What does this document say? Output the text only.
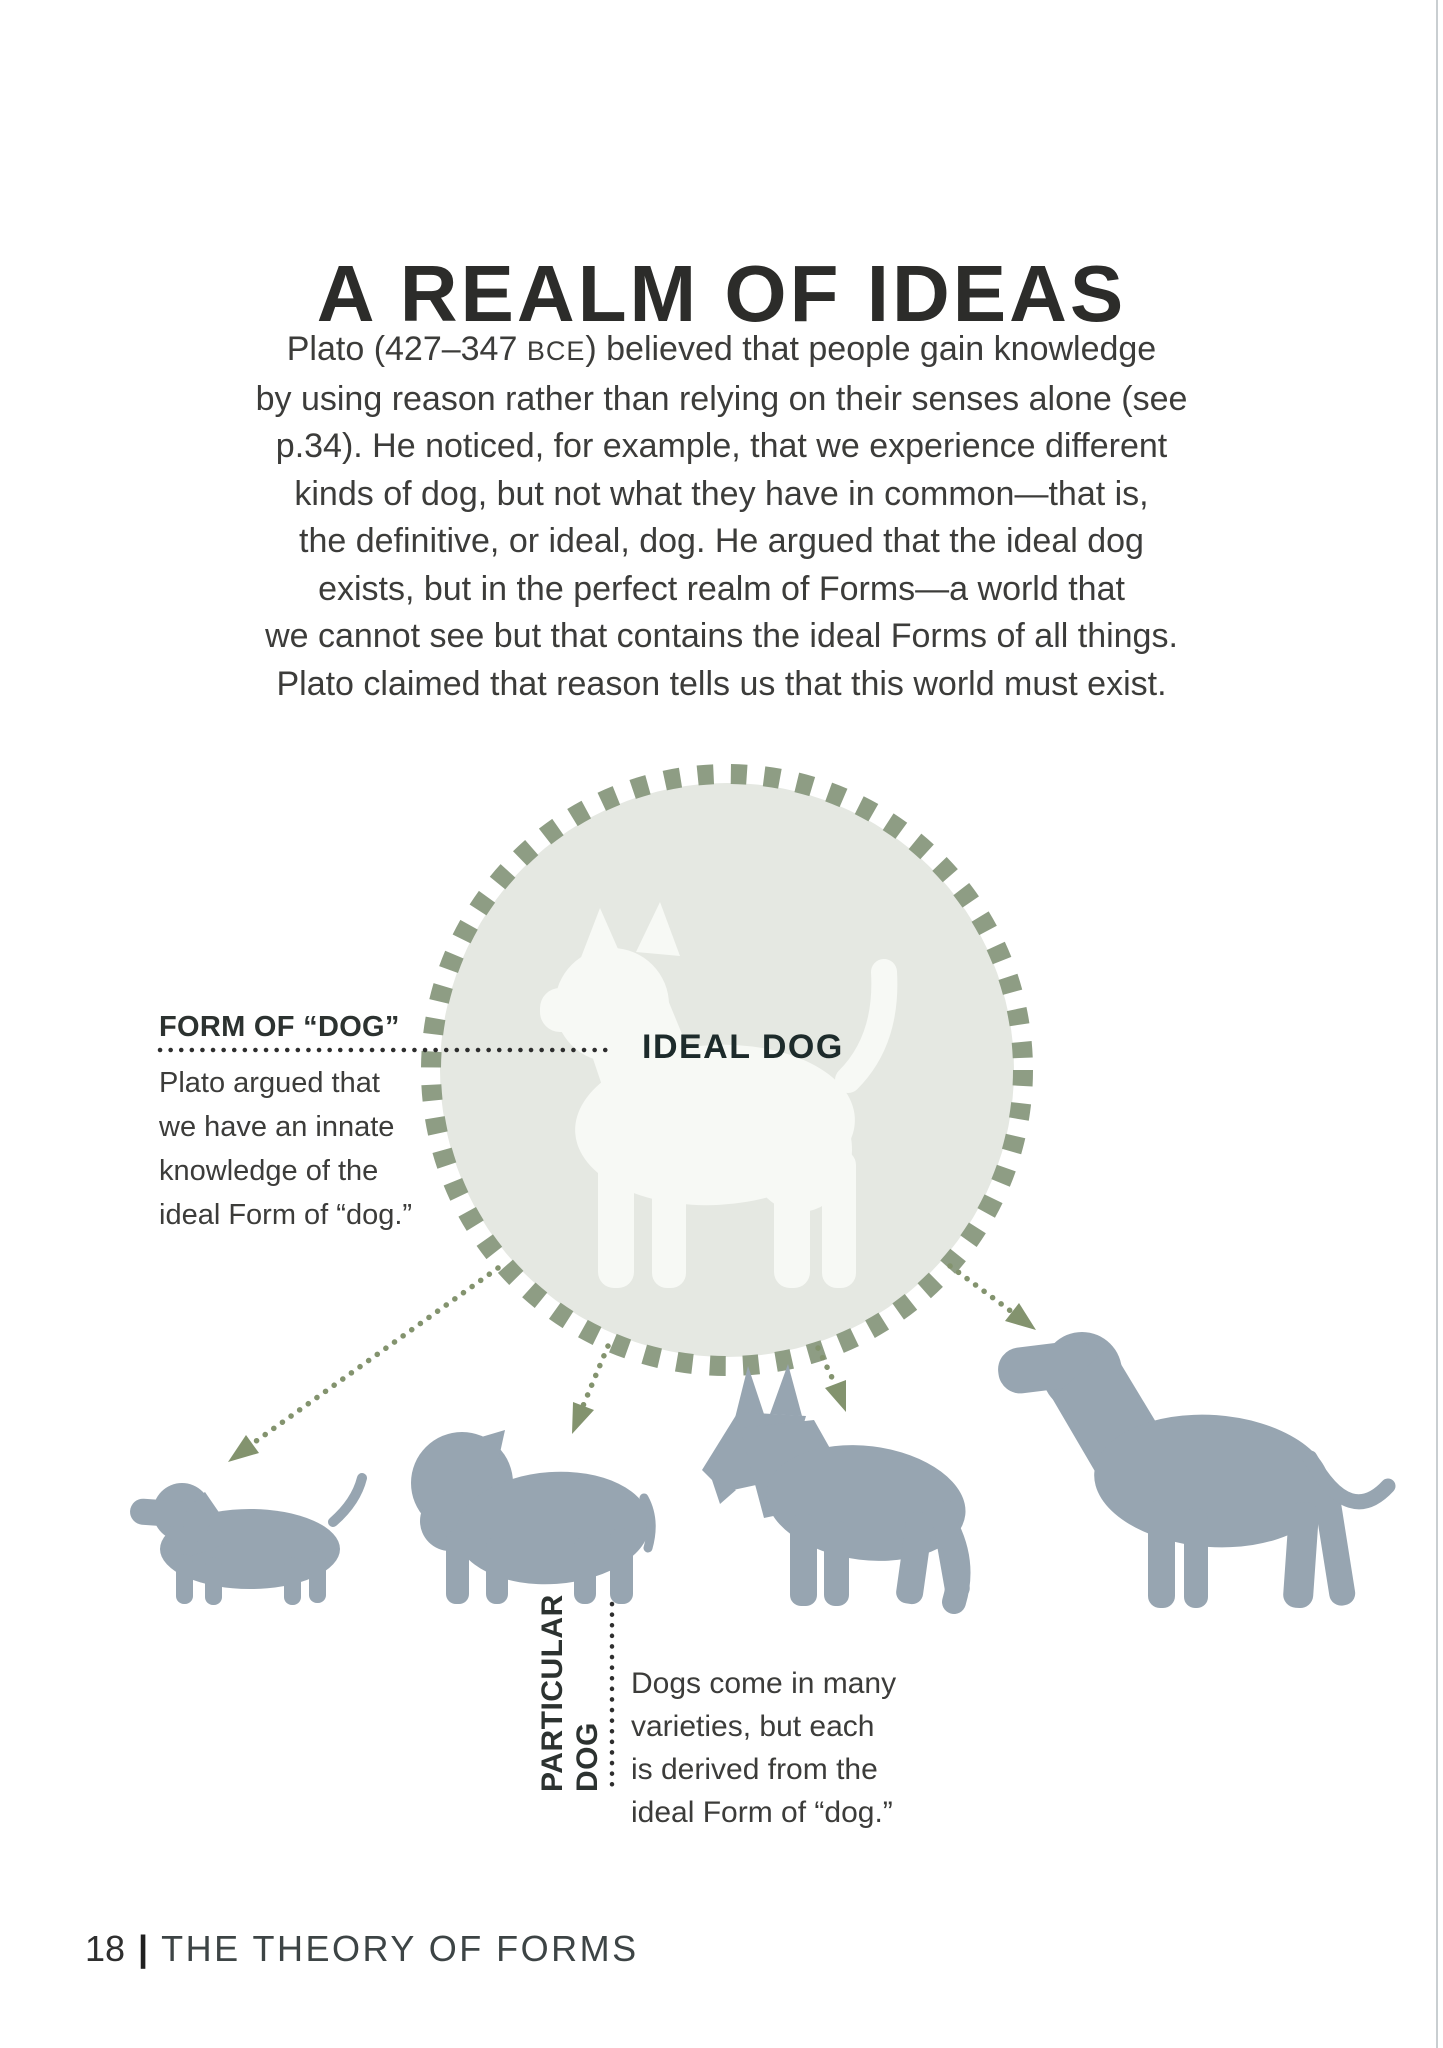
A REALM OF IDEAS
Plato (427–347 BCE) believed that people gain knowledge
by using reason rather than relying on their senses alone (see
p.34). He noticed, for example, that we experience different
kinds of dog, but not what they have in common—that is,
the definitive, or ideal, dog. He argued that the ideal dog
exists, but in the perfect realm of Forms—a world that
we cannot see but that contains the ideal Forms of all things.
Plato claimed that reason tells us that this world must exist.
IDEAL DOG
FORM OF “DOG”
Plato argued that
we have an innate
knowledge of the
ideal Form of “dog.”
PARTICULAR DOG
Dogs come in many
varieties, but each
is derived from the
ideal Form of “dog.”
18 | THE THEORY OF FORMS
